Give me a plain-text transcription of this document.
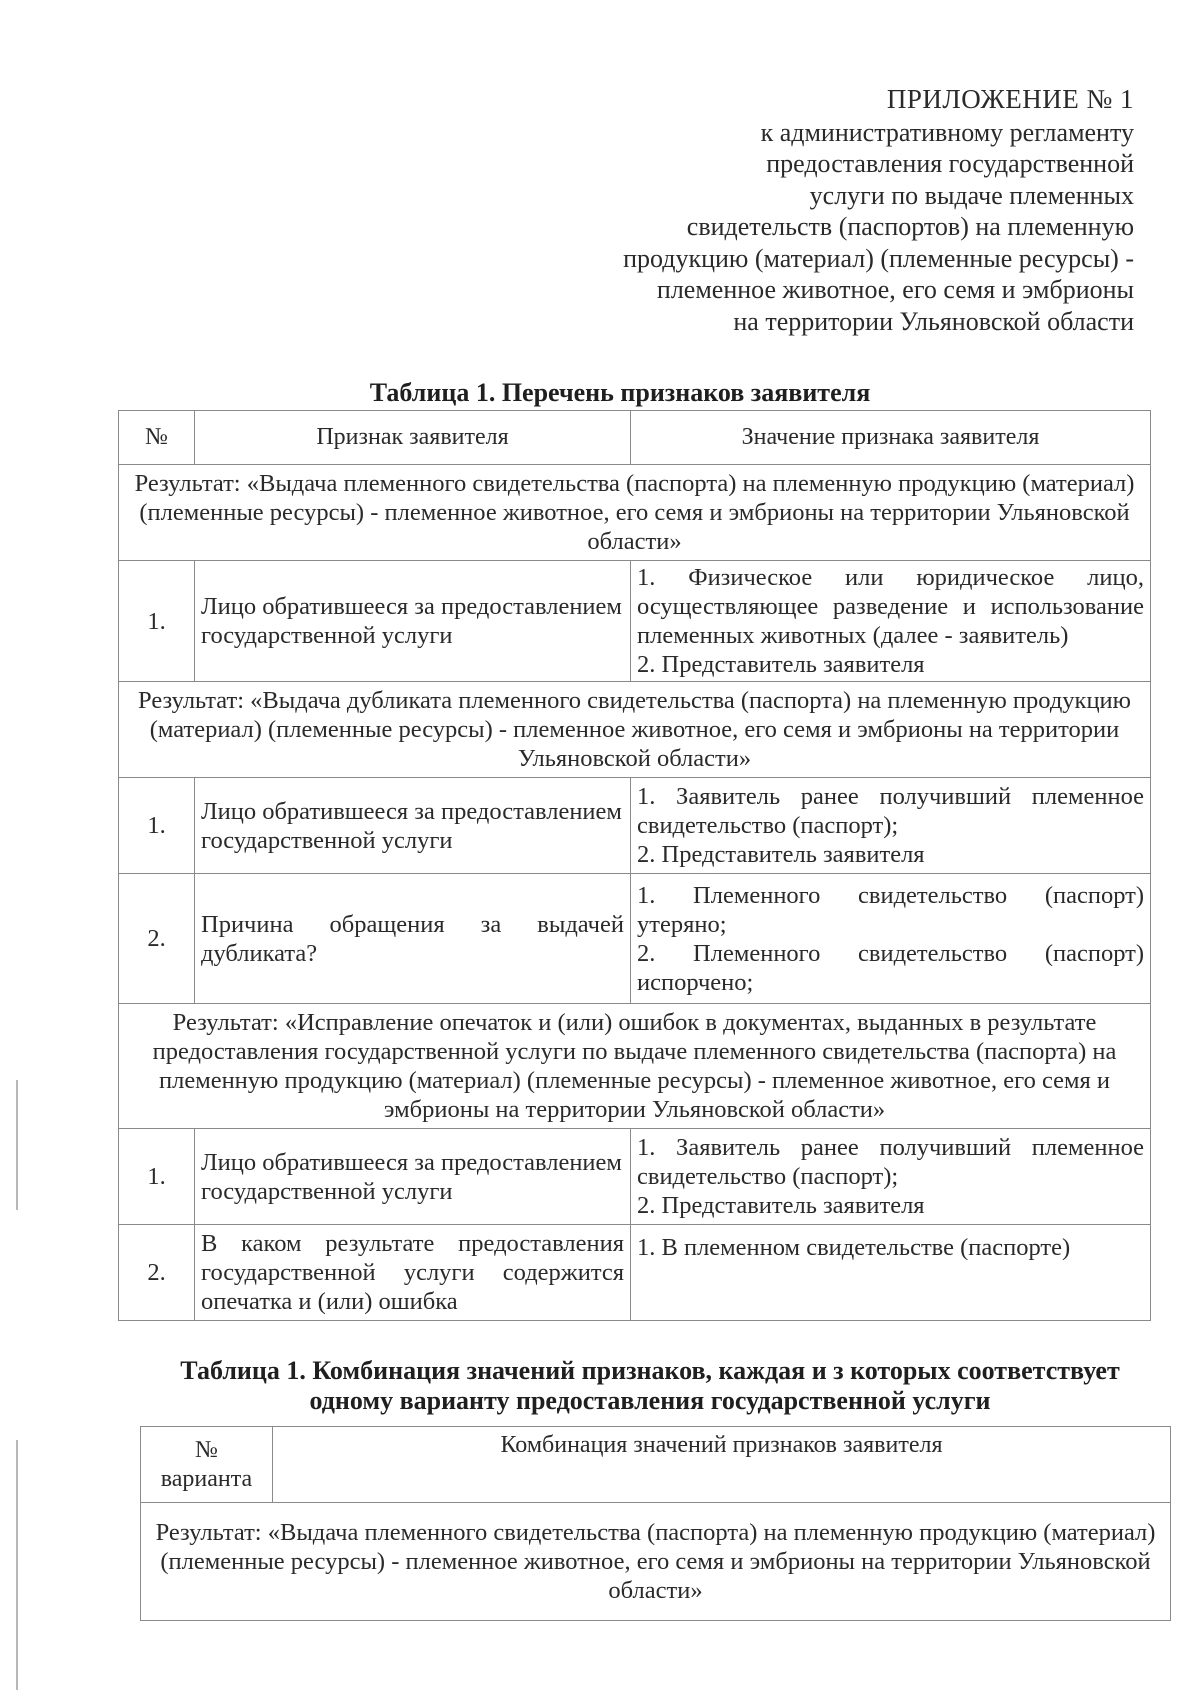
ПРИЛОЖЕНИЕ № 1
к административному регламенту
предоставления государственной
услуги по выдаче племенных
свидетельств (паспортов) на племенную
продукцию (материал) (племенные ресурсы) -
племенное животное, его семя и эмбрионы
на территории Ульяновской области
Таблица 1. Перечень признаков заявителя
№	Признак заявителя	Значение признака заявителя
Результат: «Выдача племенного свидетельства (паспорта) на племенную продукцию (материал) (племенные ресурсы) - племенное животное, его семя и эмбрионы на территории Ульяновской области»		
1.	Лицо обратившееся за предоставлением государственной услуги	1. Физическое или юридическое лицо, осуществляющее разведение и использование племенных животных (далее - заявитель)
2. Представитель заявителя

Результат: «Выдача дубликата племенного свидетельства (паспорта) на племенную продукцию (материал) (племенные ресурсы) - племенное животное, его семя и эмбрионы на территории Ульяновской области»		
1.	Лицо обратившееся за предоставлением государственной услуги	1. Заявитель ранее получивший племенное свидетельство (паспорт);
2. Представитель заявителя

2.	Причина обращения за выдачей дубликата?	1. Племенного свидетельство (паспорт) утеряно;
2. Племенного свидетельство (паспорт) испорчено;

Результат: «Исправление опечаток и (или) ошибок в документах, выданных в результате предоставления государственной услуги по выдаче племенного свидетельства (паспорта) на племенную продукцию (материал) (племенные ресурсы) - племенное животное, его семя и эмбрионы на территории Ульяновской области»		
1.	Лицо обратившееся за предоставлением государственной услуги	1. Заявитель ранее получивший племенное свидетельство (паспорт);
2. Представитель заявителя

2.	В каком результате предоставления государственной услуги содержится опечатка и (или) ошибка	1. В племенном свидетельстве (паспорте)
Таблица 1. Комбинация значений признаков, каждая и з которых соответствует одному варианту предоставления государственной услуги
№ варианта	Комбинация значений признаков заявителя
Результат: «Выдача племенного свидетельства (паспорта) на племенную продукцию (материал) (племенные ресурсы) - племенное животное, его семя и эмбрионы на территории Ульяновской области»
